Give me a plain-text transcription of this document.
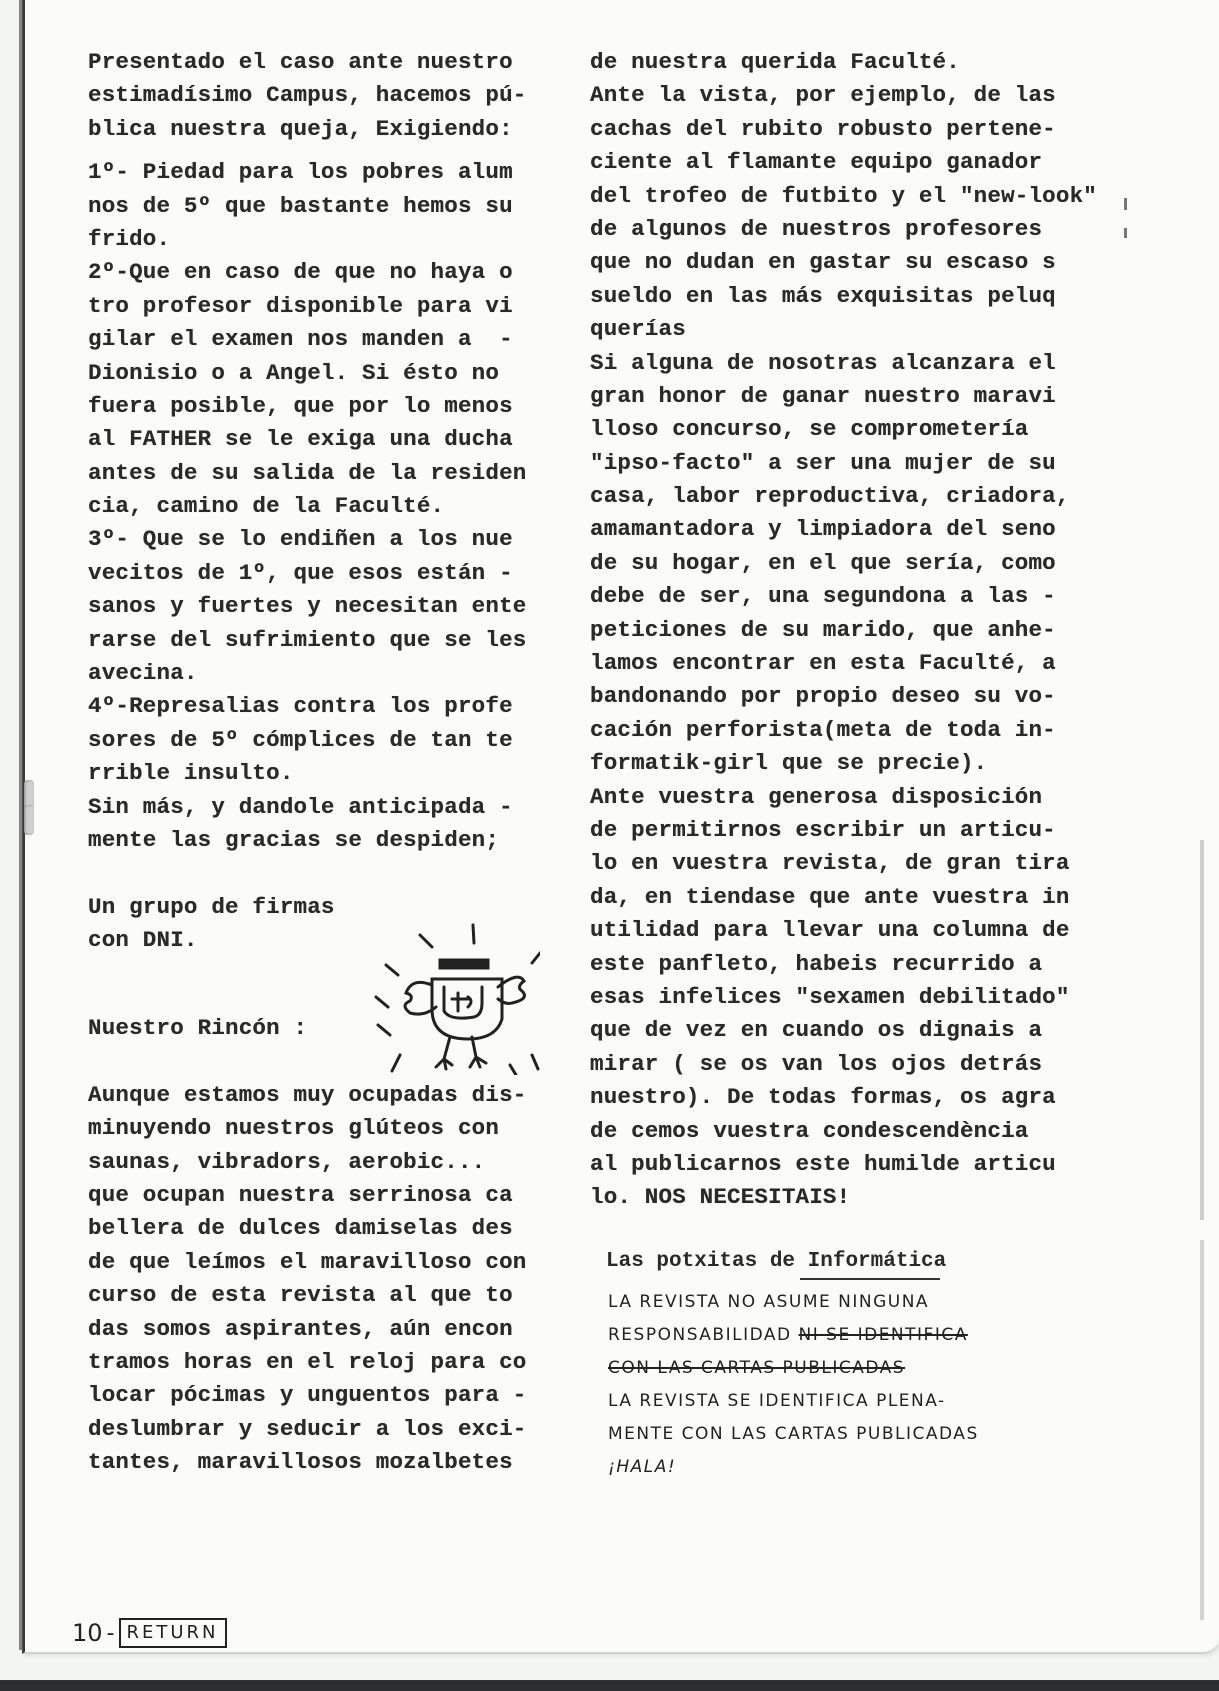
Presentado el caso ante nuestro
estimadísimo Campus, hacemos pú-
blica nuestra queja, Exigiendo:
1º- Piedad para los pobres alum
nos de 5º que bastante hemos su
frido.
2º-Que en caso de que no haya o
tro profesor disponible para vi
gilar el examen nos manden a  -
Dionisio o a Angel. Si ésto no
fuera posible, que por lo menos
al FATHER se le exiga una ducha
antes de su salida de la residen
cia, camino de la Faculté.
3º- Que se lo endiñen a los nue
vecitos de 1º, que esos están -
sanos y fuertes y necesitan ente
rarse del sufrimiento que se les
avecina.
4º-Represalias contra los profe
sores de 5º cómplices de tan te
rrible insulto.
Sin más, y dandole anticipada -
mente las gracias se despiden;
Un grupo de firmas
con DNI.
Nuestro Rincón :
Aunque estamos muy ocupadas dis-
minuyendo nuestros glúteos con
saunas, vibradors, aerobic...
que ocupan nuestra serrinosa ca
bellera de dulces damiselas des
de que leímos el maravilloso con
curso de esta revista al que to
das somos aspirantes, aún encon
tramos horas en el reloj para co
locar pócimas y unguentos para -
deslumbrar y seducir a los exci-
tantes, maravillosos mozalbetes
de nuestra querida Faculté.
Ante la vista, por ejemplo, de las
cachas del rubito robusto pertene-
ciente al flamante equipo ganador
del trofeo de futbito y el "new-look"
de algunos de nuestros profesores
que no dudan en gastar su escaso s
sueldo en las más exquisitas peluq
querías
Si alguna de nosotras alcanzara el
gran honor de ganar nuestro maravi
lloso concurso, se comprometería
"ipso-facto" a ser una mujer de su
casa, labor reproductiva, criadora,
amamantadora y limpiadora del seno
de su hogar, en el que sería, como
debe de ser, una segundona a las -
peticiones de su marido, que anhe-
lamos encontrar en esta Faculté, a
bandonando por propio deseo su vo-
cación perforista(meta de toda in-
formatik-girl que se precie).
Ante vuestra generosa disposición
de permitirnos escribir un articu-
lo en vuestra revista, de gran tira
da, en tiendase que ante vuestra in
utilidad para llevar una columna de
este panfleto, habeis recurrido a
esas infelices "sexamen debilitado"
que de vez en cuando os dignais a
mirar ( se os van los ojos detrás
nuestro). De todas formas, os agra
de cemos vuestra condescendència
al publicarnos este humilde articu
lo. NOS NECESITAIS!
Las potxitas de Informática
LA REVISTA NO ASUME NINGUNA
RESPONSABILIDAD NI SE IDENTIFICA
CON LAS CARTAS PUBLICADAS
LA REVISTA SE IDENTIFICA PLENA-
MENTE CON LAS CARTAS PUBLICADAS
¡HALA!
10 - RETURN
